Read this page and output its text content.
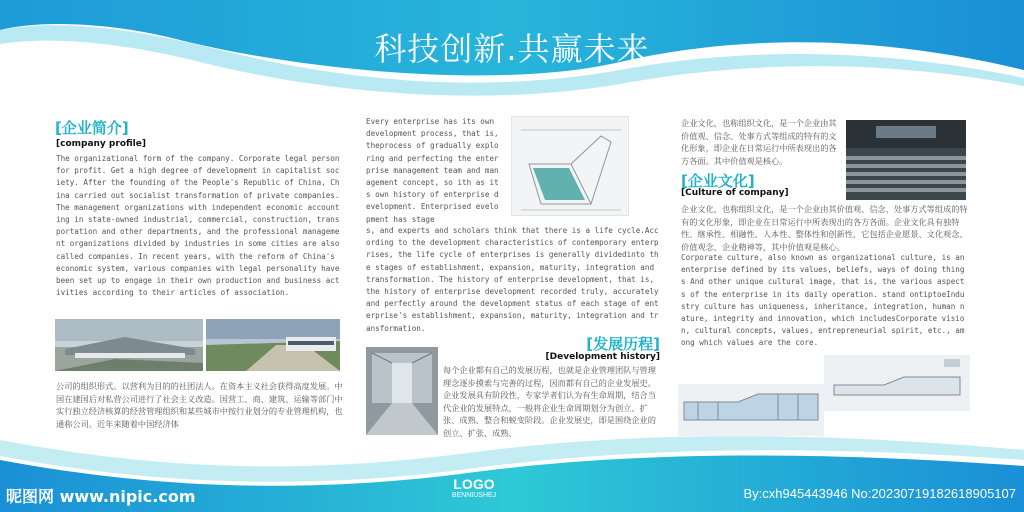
科技创新.共赢未来
[企业简介]
[company profile]

The organizational form of the company. Corporate legal person for profit. Get a high degree of development in capitalist society. After the founding of the People's Republic of China, China carried out socialist transformation of private companies. The management organizations with independent economic accounting in state-owned industrial, commercial, construction, transportation and other departments, and the professional management organizations divided by industries in some cities are also called companies. In recent years, with the reform of China's economic system, various companies with legal personality have been set up to engage in their own production and business activities according to their articles of association.

公司的组织形式。以营利为目的的社团法人。在资本主义社会获得高度发展。中国在建国后对私营公司进行了社会主义改造。国营工、商、建筑、运输等部门中实行独立经济核算的经营管理组织和某些城市中按行业划分的专业管理机构，也通称公司。近年来随着中国经济体

Every enterprise has its own development process, that is, theprocess of gradually exploring and perfecting the enterprise management team and management concept, so ith as its own history of enterprise development. Enterprised evelopment has stage

s, and experts and scholars think that there is a life cycle.According to the development characteristics of contemporary enterprises, the life cycle of enterprises is generally dividedinto the stages of establishment, expansion, maturity, integration and transformation. The history of enterprise development, that is, the history of enterprise development recorded truly, accurately and perfectly around the development status of each stage of enterprise's establishment, expansion, maturity, integration and transformation.

[发展历程]
[Development history]

每个企业都有自己的发展历程，也就是企业管理团队与管理理念逐步摸索与完善的过程，因而都有自己的企业发展史。企业发展具有阶段性，专家学者们认为有生命周期，结合当代企业的发展特点，一般将企业生命周期划分为创立、扩张、成熟、整合和蜕变阶段。企业发展史，即是围绕企业的创立、扩张、成熟、

企业文化，也称组织文化，是一个企业由其价值观、信念、处事方式等组成的特有的文化形象，即企业在日常运行中所表现出的各方各面。其中价值观是核心。

[企业文化]
[Culture of company]

企业文化，也称组织文化，是一个企业由其价值观、信念、处事方式等组成的特有的文化形象，即企业在日常运行中所表现出的各方各面。企业文化具有独特性、继承性、相融性、人本性、整体性和创新性，它包括企业愿景、文化观念、价值观念、企业精神等，其中价值观是核心。

Corporate culture, also known as organizational culture, is an enterprise defined by its values, beliefs, ways of doing things And other unique cultural image, that is, the various aspects of the enterprise in its daily operation. stand ontiptoeIndustry culture has uniqueness, inheritance, integration, human nature, integrity and innovation, which includesCorporate vision, cultural concepts, values, entrepreneurial spirit, etc., among which values are the core.

LOGO
BENNIUSHEJ
昵图网 www.nipic.com	By:cxh945443946 No:20230719182618905107
